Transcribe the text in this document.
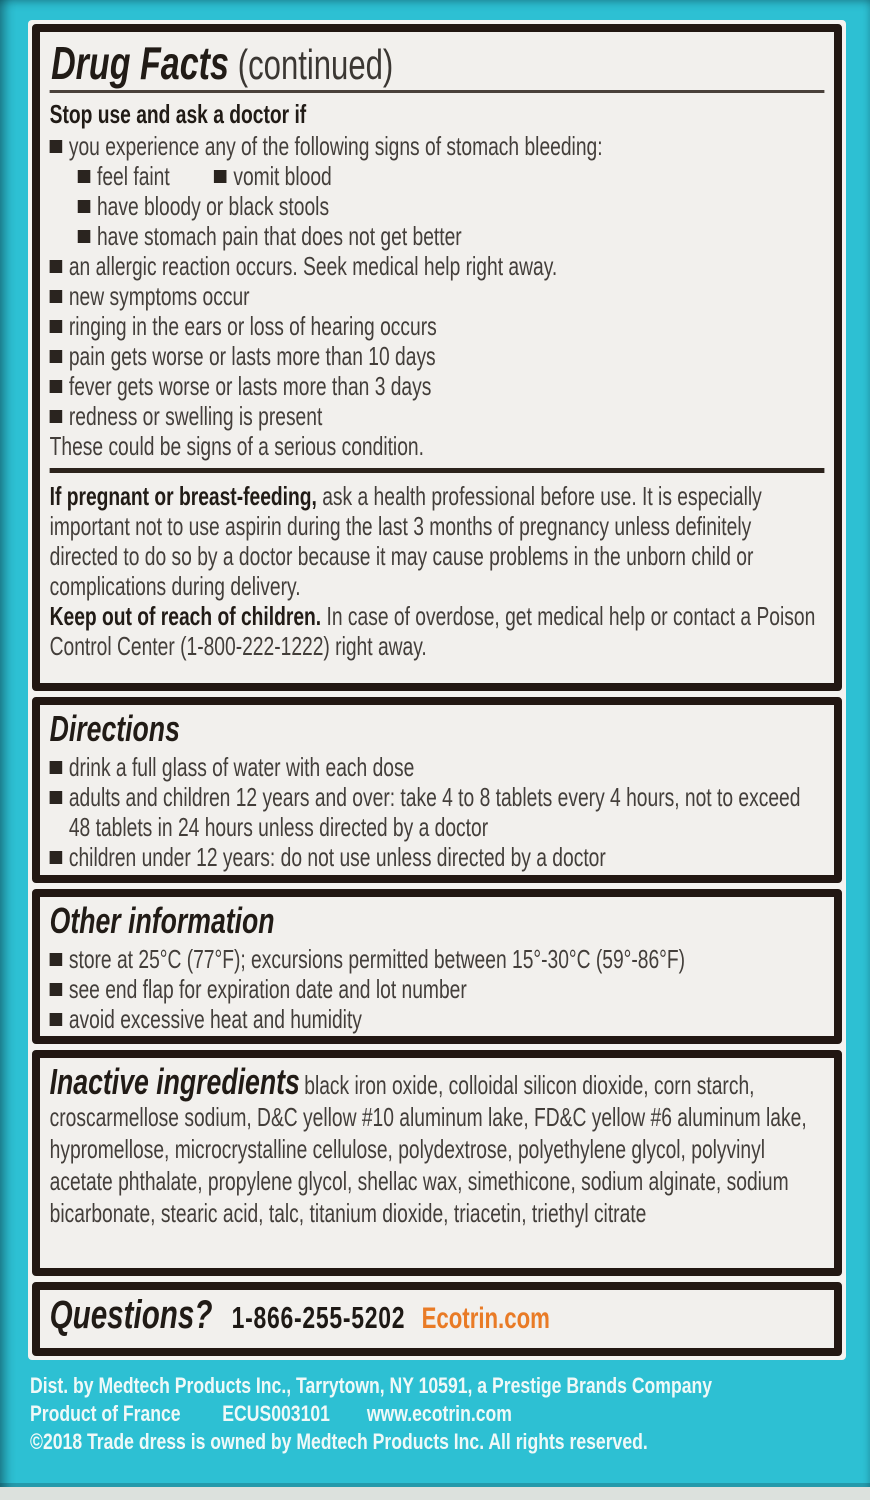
Drug Facts (continued)
Stop use and ask a doctor if
you experience any of the following signs of stomach bleeding:
feel faint vomit blood
have bloody or black stools
have stomach pain that does not get better
an allergic reaction occurs. Seek medical help right away.
new symptoms occur
ringing in the ears or loss of hearing occurs
pain gets worse or lasts more than 10 days
fever gets worse or lasts more than 3 days
redness or swelling is present
These could be signs of a serious condition.

If pregnant or breast-feeding, ask a health professional before use. It is especially important not to use aspirin during the last 3 months of pregnancy unless definitely directed to do so by a doctor because it may cause problems in the unborn child or complications during delivery.

Keep out of reach of children. In case of overdose, get medical help or contact a Poison Control Center (1-800-222-1222) right away.

Directions
drink a full glass of water with each dose
adults and children 12 years and over: take 4 to 8 tablets every 4 hours, not to exceed 48 tablets in 24 hours unless directed by a doctor
children under 12 years: do not use unless directed by a doctor
Other information
store at 25°C (77°F); excursions permitted between 15°-30°C (59°-86°F)
see end flap for expiration date and lot number
avoid excessive heat and humidity

Inactive ingredients black iron oxide, colloidal silicon dioxide, corn starch, croscarmellose sodium, D&C yellow #10 aluminum lake, FD&C yellow #6 aluminum lake, hypromellose, microcrystalline cellulose, polydextrose, polyethylene glycol, polyvinyl acetate phthalate, propylene glycol, shellac wax, simethicone, sodium alginate, sodium bicarbonate, stearic acid, talc, titanium dioxide, triacetin, triethyl citrate

Questions? 1-866-255-5202 Ecotrin.com

Dist. by Medtech Products Inc., Tarrytown, NY 10591, a Prestige Brands Company

Product of France ECUS003101 www.ecotrin.com

©2018 Trade dress is owned by Medtech Products Inc. All rights reserved.
